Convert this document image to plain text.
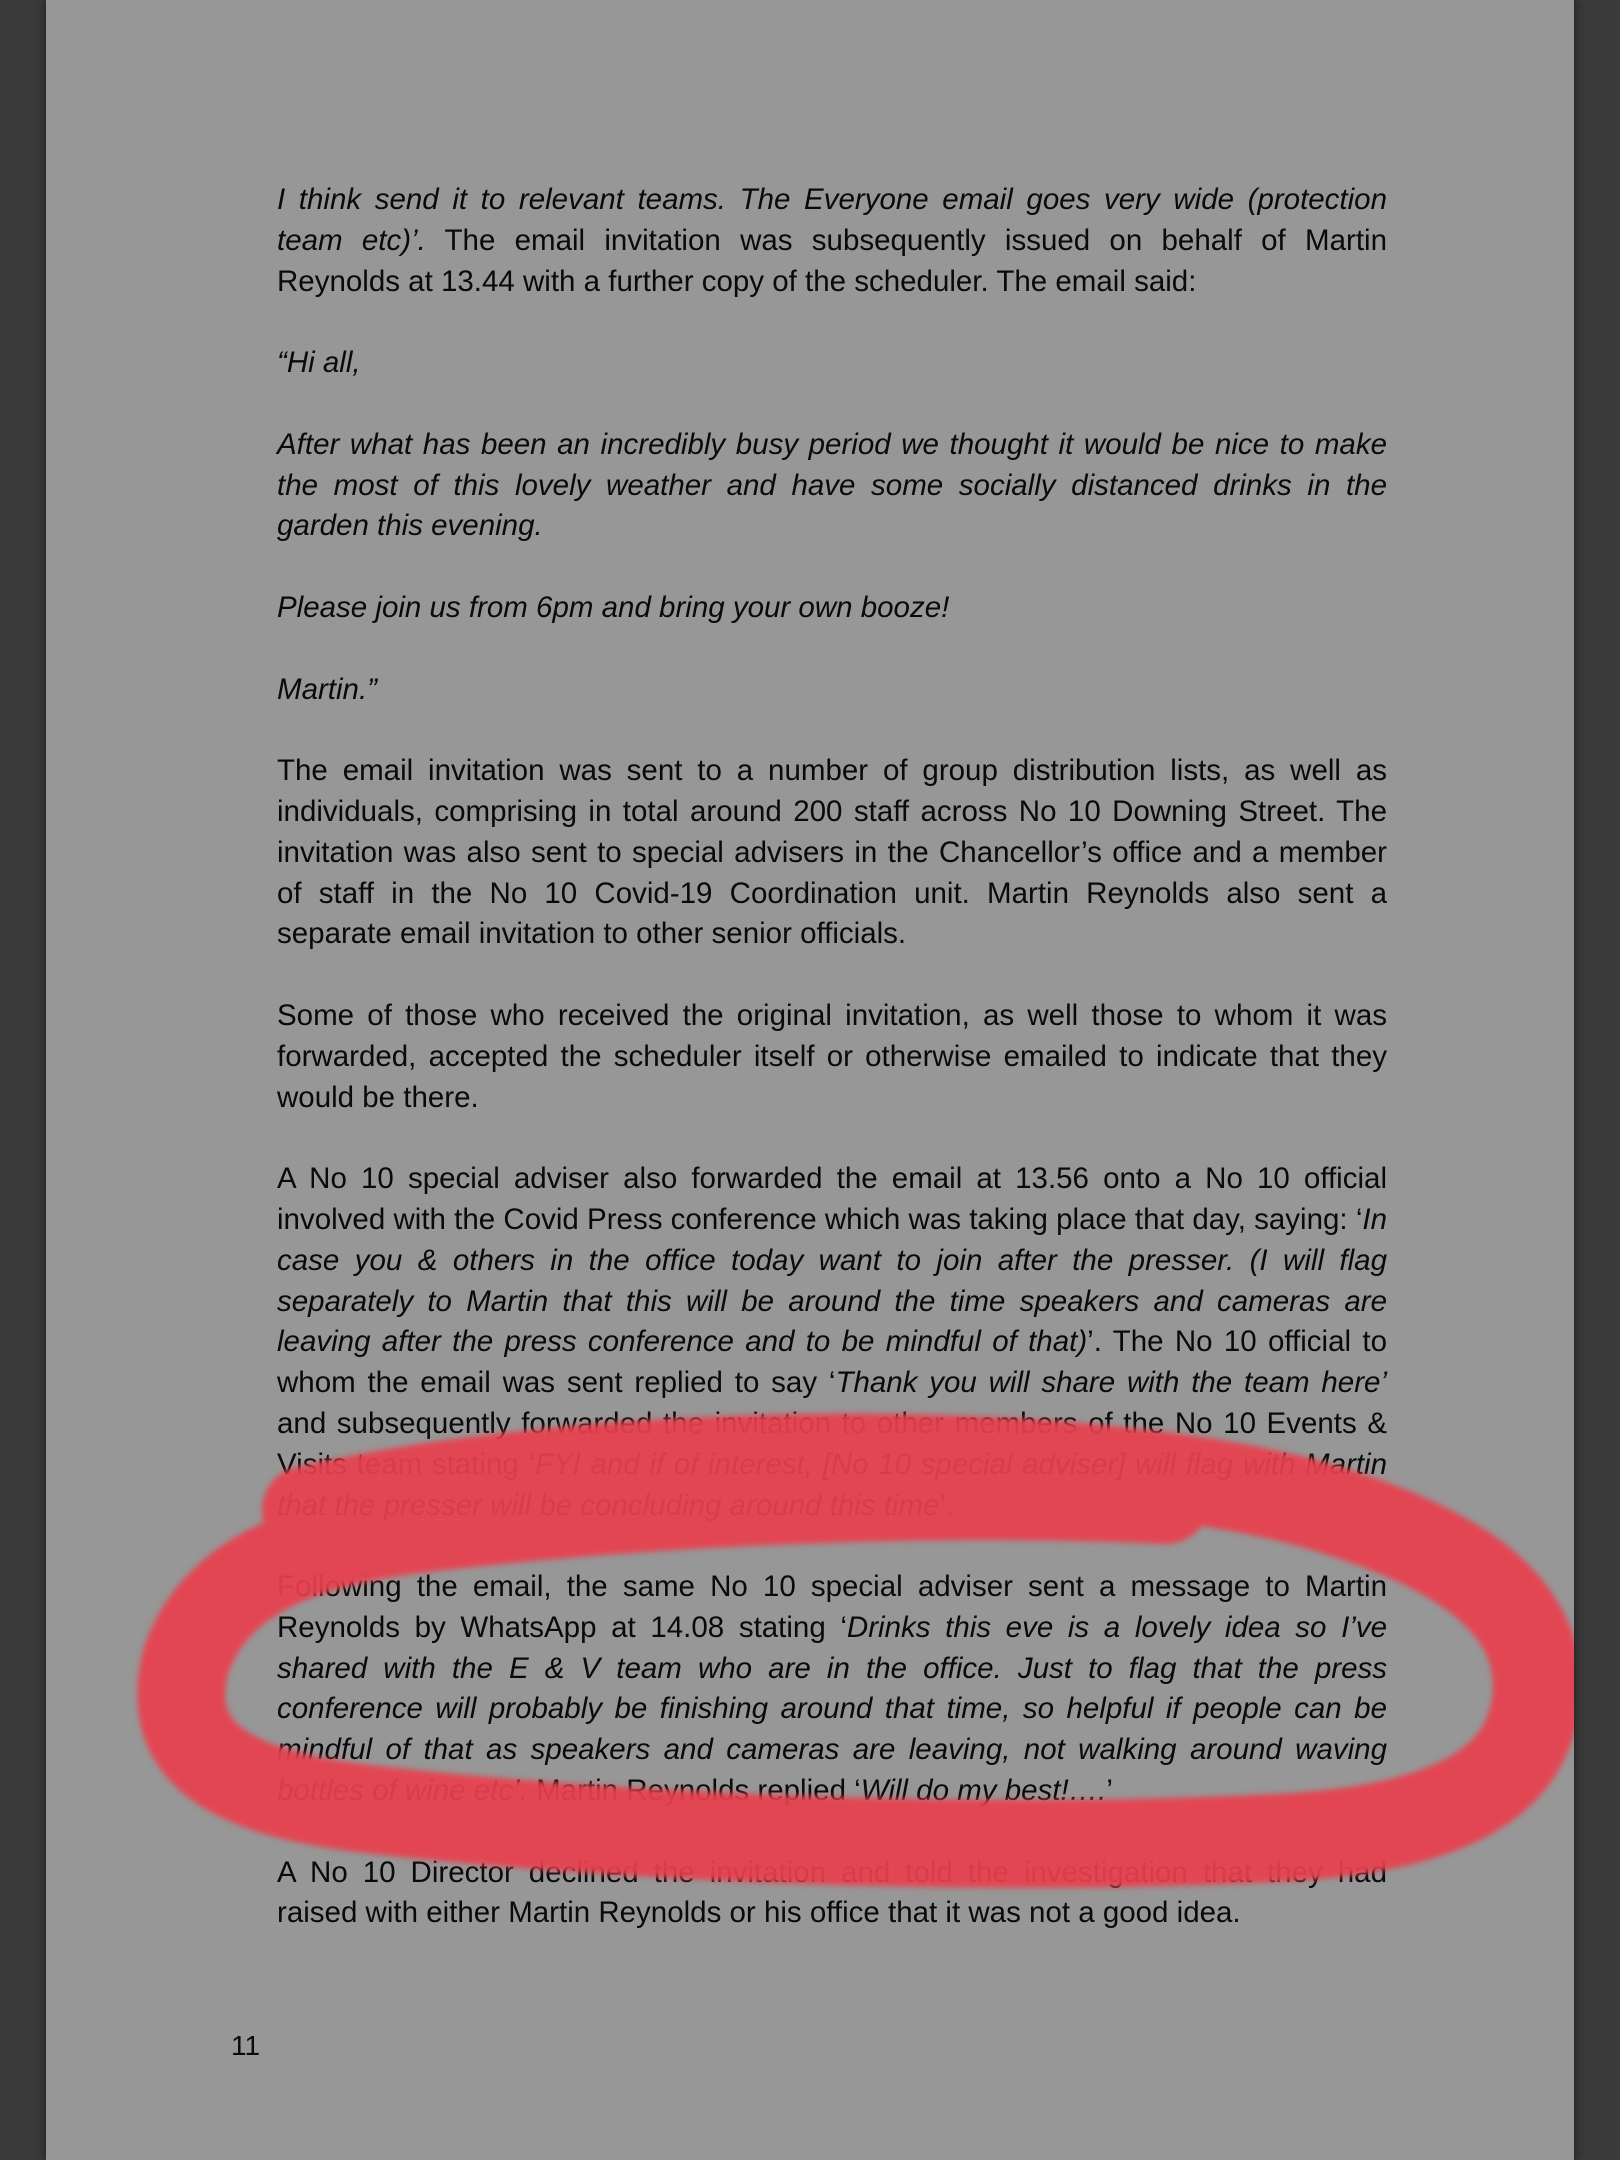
I think send it to relevant teams. The Everyone email goes very wide (protection team etc)’. The email invitation was subsequently issued on behalf of Martin Reynolds at 13.44 with a further copy of the scheduler. The email said:

“Hi all,

After what has been an incredibly busy period we thought it would be nice to make the most of this lovely weather and have some socially distanced drinks in the garden this evening.

Please join us from 6pm and bring your own booze!

Martin.”

The email invitation was sent to a number of group distribution lists, as well as individuals, comprising in total around 200 staff across No 10 Downing Street. The invitation was also sent to special advisers in the Chancellor’s office and a member of staff in the No 10 Covid-19 Coordination unit. Martin Reynolds also sent a separate email invitation to other senior officials.

Some of those who received the original invitation, as well those to whom it was forwarded, accepted the scheduler itself or otherwise emailed to indicate that they would be there.

A No 10 special adviser also forwarded the email at 13.56 onto a No 10 official involved with the Covid Press conference which was taking place that day, saying: ‘In case you & others in the office today want to join after the presser. (I will flag separately to Martin that this will be around the time speakers and cameras are leaving after the press conference and to be mindful of that)’. The No 10 official to whom the email was sent replied to say ‘Thank you will share with the team here’ and subsequently forwarded the invitation to other members of the No 10 Events & Visits team stating ‘FYI and if of interest, [No 10 special adviser] will flag with Martin that the presser will be concluding around this time’.

Following the email, the same No 10 special adviser sent a message to Martin Reynolds by WhatsApp at 14.08 stating ‘Drinks this eve is a lovely idea so I’ve shared with the E & V team who are in the office. Just to flag that the press conference will probably be finishing around that time, so helpful if people can be mindful of that as speakers and cameras are leaving, not walking around waving bottles of wine etc’. Martin Reynolds replied ‘Will do my best!….’

A No 10 Director declined the invitation and told the investigation that they had raised with either Martin Reynolds or his office that it was not a good idea.

11
